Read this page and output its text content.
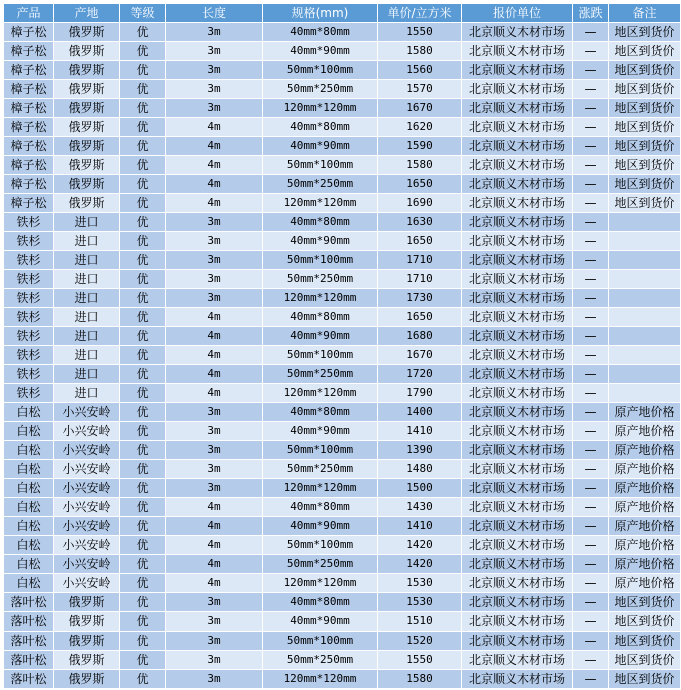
产品	产地	等级	长度	规格(mm)	单价/立方米	报价单位	涨跌	备注
樟子松	俄罗斯	优	3m	40mm*80mm	1550	北京顺义木材市场	—	地区到货价
樟子松	俄罗斯	优	3m	40mm*90mm	1580	北京顺义木材市场	—	地区到货价
樟子松	俄罗斯	优	3m	50mm*100mm	1560	北京顺义木材市场	—	地区到货价
樟子松	俄罗斯	优	3m	50mm*250mm	1570	北京顺义木材市场	—	地区到货价
樟子松	俄罗斯	优	3m	120mm*120mm	1670	北京顺义木材市场	—	地区到货价
樟子松	俄罗斯	优	4m	40mm*80mm	1620	北京顺义木材市场	—	地区到货价
樟子松	俄罗斯	优	4m	40mm*90mm	1590	北京顺义木材市场	—	地区到货价
樟子松	俄罗斯	优	4m	50mm*100mm	1580	北京顺义木材市场	—	地区到货价
樟子松	俄罗斯	优	4m	50mm*250mm	1650	北京顺义木材市场	—	地区到货价
樟子松	俄罗斯	优	4m	120mm*120mm	1690	北京顺义木材市场	—	地区到货价
铁杉	进口	优	3m	40mm*80mm	1630	北京顺义木材市场	—	
铁杉	进口	优	3m	40mm*90mm	1650	北京顺义木材市场	—	
铁杉	进口	优	3m	50mm*100mm	1710	北京顺义木材市场	—	
铁杉	进口	优	3m	50mm*250mm	1710	北京顺义木材市场	—	
铁杉	进口	优	3m	120mm*120mm	1730	北京顺义木材市场	—	
铁杉	进口	优	4m	40mm*80mm	1650	北京顺义木材市场	—	
铁杉	进口	优	4m	40mm*90mm	1680	北京顺义木材市场	—	
铁杉	进口	优	4m	50mm*100mm	1670	北京顺义木材市场	—	
铁杉	进口	优	4m	50mm*250mm	1720	北京顺义木材市场	—	
铁杉	进口	优	4m	120mm*120mm	1790	北京顺义木材市场	—	
白松	小兴安岭	优	3m	40mm*80mm	1400	北京顺义木材市场	—	原产地价格
白松	小兴安岭	优	3m	40mm*90mm	1410	北京顺义木材市场	—	原产地价格
白松	小兴安岭	优	3m	50mm*100mm	1390	北京顺义木材市场	—	原产地价格
白松	小兴安岭	优	3m	50mm*250mm	1480	北京顺义木材市场	—	原产地价格
白松	小兴安岭	优	3m	120mm*120mm	1500	北京顺义木材市场	—	原产地价格
白松	小兴安岭	优	4m	40mm*80mm	1430	北京顺义木材市场	—	原产地价格
白松	小兴安岭	优	4m	40mm*90mm	1410	北京顺义木材市场	—	原产地价格
白松	小兴安岭	优	4m	50mm*100mm	1420	北京顺义木材市场	—	原产地价格
白松	小兴安岭	优	4m	50mm*250mm	1420	北京顺义木材市场	—	原产地价格
白松	小兴安岭	优	4m	120mm*120mm	1530	北京顺义木材市场	—	原产地价格
落叶松	俄罗斯	优	3m	40mm*80mm	1530	北京顺义木材市场	—	地区到货价
落叶松	俄罗斯	优	3m	40mm*90mm	1510	北京顺义木材市场	—	地区到货价
落叶松	俄罗斯	优	3m	50mm*100mm	1520	北京顺义木材市场	—	地区到货价
落叶松	俄罗斯	优	3m	50mm*250mm	1550	北京顺义木材市场	—	地区到货价
落叶松	俄罗斯	优	3m	120mm*120mm	1580	北京顺义木材市场	—	地区到货价
